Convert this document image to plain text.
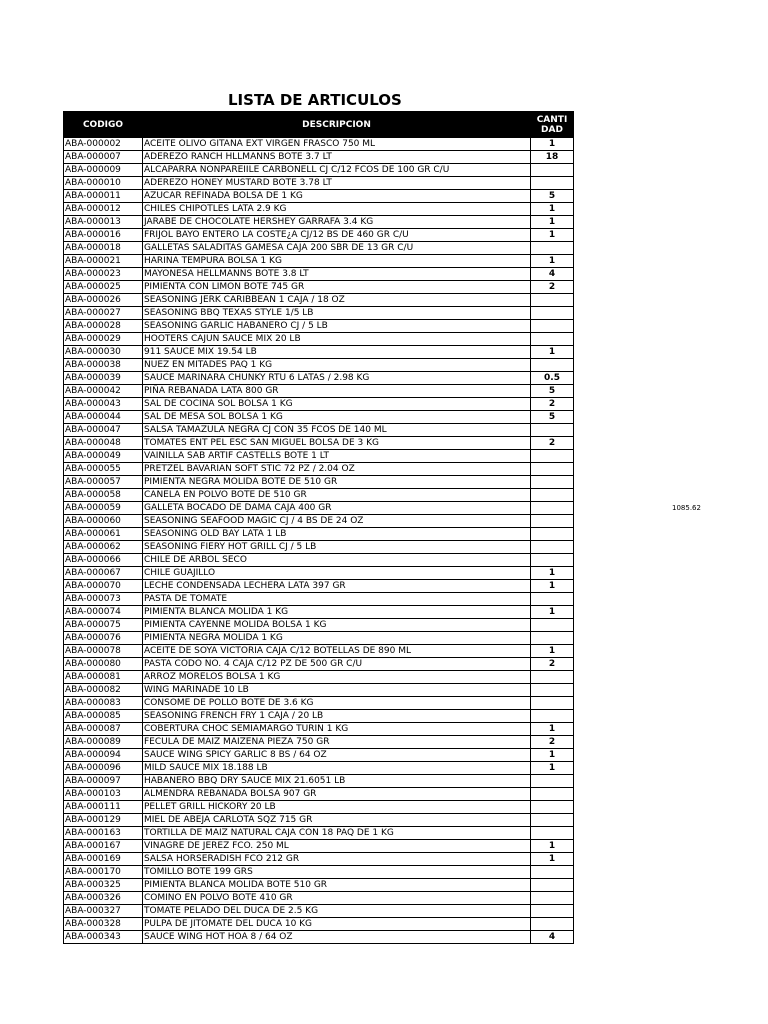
LISTA DE ARTICULOS
1085.62
CODIGO	DESCRIPCION	CANTI DAD
ABA-000002	ACEITE OLIVO GITANA EXT VIRGEN FRASCO 750 ML	1
ABA-000007	ADEREZO RANCH HLLMANNS BOTE 3.7 LT	18
ABA-000009	ALCAPARRA NONPAREIILE CARBONELL CJ C/12 FCOS DE 100 GR C/U	
ABA-000010	ADEREZO HONEY MUSTARD BOTE 3.78 LT	
ABA-000011	AZUCAR REFINADA BOLSA DE 1 KG	5
ABA-000012	CHILES CHIPOTLES LATA 2.9 KG	1
ABA-000013	JARABE DE CHOCOLATE HERSHEY GARRAFA 3.4 KG	1
ABA-000016	FRIJOL BAYO ENTERO LA COSTE¿A CJ/12 BS DE 460 GR C/U	1
ABA-000018	GALLETAS SALADITAS GAMESA CAJA 200 SBR DE 13 GR C/U	
ABA-000021	HARINA TEMPURA BOLSA 1 KG	1
ABA-000023	MAYONESA HELLMANNS BOTE 3.8 LT	4
ABA-000025	PIMIENTA CON LIMON BOTE 745 GR	2
ABA-000026	SEASONING JERK CARIBBEAN 1 CAJA / 18 OZ	
ABA-000027	SEASONING BBQ TEXAS STYLE 1/5 LB	
ABA-000028	SEASONING GARLIC HABANERO CJ / 5 LB	
ABA-000029	HOOTERS CAJUN SAUCE MIX 20 LB	
ABA-000030	911 SAUCE MIX 19.54 LB	1
ABA-000038	NUEZ EN MITADES PAQ 1 KG	
ABA-000039	SAUCE MARINARA CHUNKY RTU 6 LATAS / 2.98 KG	0.5
ABA-000042	PIÑA REBANADA LATA 800 GR	5
ABA-000043	SAL DE COCINA SOL BOLSA 1 KG	2
ABA-000044	SAL DE MESA SOL BOLSA 1 KG	5
ABA-000047	SALSA TAMAZULA NEGRA CJ CON 35 FCOS DE 140 ML	
ABA-000048	TOMATES ENT PEL ESC SAN MIGUEL BOLSA DE 3 KG	2
ABA-000049	VAINILLA SAB ARTIF CASTELLS BOTE 1 LT	
ABA-000055	PRETZEL BAVARIAN SOFT STIC 72 PZ / 2.04 OZ	
ABA-000057	PIMIENTA NEGRA MOLIDA BOTE DE 510 GR	
ABA-000058	CANELA EN POLVO BOTE DE 510 GR	
ABA-000059	GALLETA BOCADO DE DAMA CAJA 400 GR	
ABA-000060	SEASONING SEAFOOD MAGIC CJ / 4 BS DE 24 OZ	
ABA-000061	SEASONING OLD BAY LATA 1 LB	
ABA-000062	SEASONING FIERY HOT GRILL CJ / 5 LB	
ABA-000066	CHILE DE ARBOL SECO	
ABA-000067	CHILE GUAJILLO	1
ABA-000070	LECHE CONDENSADA LECHERA LATA 397 GR	1
ABA-000073	PASTA DE TOMATE	
ABA-000074	PIMIENTA BLANCA MOLIDA 1 KG	1
ABA-000075	PIMIENTA CAYENNE MOLIDA BOLSA 1 KG	
ABA-000076	PIMIENTA NEGRA MOLIDA 1 KG	
ABA-000078	ACEITE DE SOYA VICTORIA CAJA C/12 BOTELLAS DE 890 ML	1
ABA-000080	PASTA CODO NO. 4 CAJA C/12 PZ DE 500 GR C/U	2
ABA-000081	ARROZ MORELOS BOLSA 1 KG	
ABA-000082	WING MARINADE 10 LB	
ABA-000083	CONSOME DE POLLO BOTE DE 3.6 KG	
ABA-000085	SEASONING FRENCH FRY 1 CAJA / 20 LB	
ABA-000087	COBERTURA CHOC SEMIAMARGO TURIN 1 KG	1
ABA-000089	FECULA DE MAIZ MAIZENA PIEZA 750 GR	2
ABA-000094	SAUCE WING SPICY GARLIC 8 BS / 64 OZ	1
ABA-000096	MILD SAUCE MIX 18.188 LB	1
ABA-000097	HABANERO BBQ DRY SAUCE MIX 21.6051 LB	
ABA-000103	ALMENDRA REBANADA BOLSA 907 GR	
ABA-000111	PELLET GRILL HICKORY 20 LB	
ABA-000129	MIEL DE ABEJA CARLOTA SQZ 715 GR	
ABA-000163	TORTILLA DE MAIZ NATURAL CAJA CON 18 PAQ DE 1 KG	
ABA-000167	VINAGRE DE JEREZ FCO. 250 ML	1
ABA-000169	SALSA HORSERADISH FCO 212 GR	1
ABA-000170	TOMILLO BOTE 199 GRS	
ABA-000325	PIMIENTA BLANCA MOLIDA BOTE 510 GR	
ABA-000326	COMINO EN POLVO BOTE 410 GR	
ABA-000327	TOMATE PELADO DEL DUCA DE 2.5 KG	
ABA-000328	PULPA DE JITOMATE DEL DUCA 10 KG	
ABA-000343	SAUCE WING HOT HOA 8 / 64 OZ	4
